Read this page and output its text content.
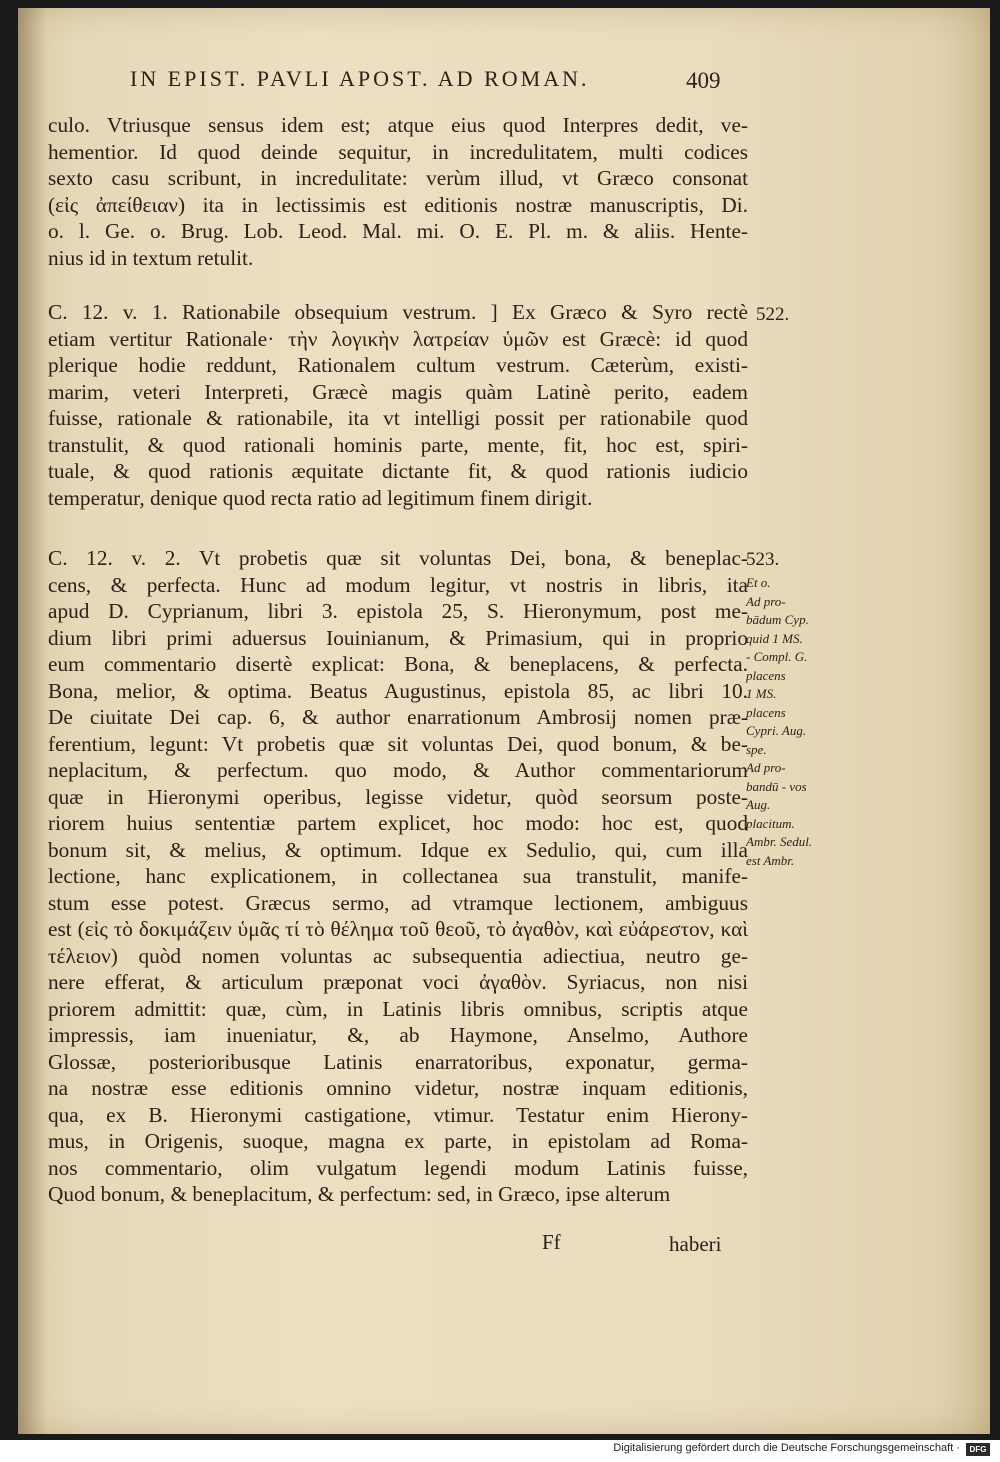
IN EPIST. PAVLI APOST. AD ROMAN.	409
culo. Vtriusque sensus idem est; atque eius quod Interpres dedit, ve-
hementior. Id quod deinde sequitur, in incredulitatem, multi codices
sexto casu scribunt, in incredulitate: verùm illud, vt Græco consonat
(εἰς ἀπείθειαν) ita in lectissimis est editionis nostræ manuscriptis, Di.
o. l. Ge. o. Brug. Lob. Leod. Mal. mi. O. E. Pl. m. & aliis. Hente-
nius id in textum retulit.
C. 12. v. 1. Rationabile obsequium vestrum. ] Ex Græco & Syro rectè
etiam vertitur Rationale· τὴν λογικὴν λατρείαν ὑμῶν est Græcè: id quod
plerique hodie reddunt, Rationalem cultum vestrum. Cæterùm, existi-
marim, veteri Interpreti, Græcè magis quàm Latinè perito, eadem
fuisse, rationale & rationabile, ita vt intelligi possit per rationabile quod
transtulit, & quod rationali hominis parte, mente, fit, hoc est, spiri-
tuale, & quod rationis æquitate dictante fit, & quod rationis iudicio
temperatur, denique quod recta ratio ad legitimum finem dirigit.
C. 12. v. 2. Vt probetis quæ sit voluntas Dei, bona, & beneplac-
cens, & perfecta. Hunc ad modum legitur, vt nostris in libris, ita
apud D. Cyprianum, libri 3. epistola 25, S. Hieronymum, post me-
dium libri primi aduersus Iouinianum, & Primasium, qui in proprio
eum commentario disertè explicat: Bona, & beneplacens, & perfecta.
Bona, melior, & optima. Beatus Augustinus, epistola 85, ac libri 10.
De ciuitate Dei cap. 6, & author enarrationum Ambrosij nomen præ-
ferentium, legunt: Vt probetis quæ sit voluntas Dei, quod bonum, & be-
neplacitum, & perfectum. quo modo, & Author commentariorum
quæ in Hieronymi operibus, legisse videtur, quòd seorsum poste-
riorem huius sententiæ partem explicet, hoc modo: hoc est, quod
bonum sit, & melius, & optimum. Idque ex Sedulio, qui, cum illa
lectione, hanc explicationem, in collectanea sua transtulit, manife-
stum esse potest. Græcus sermo, ad vtramque lectionem, ambiguus
est (εἰς τὸ δοκιμάζειν ὑμᾶς τί τὸ θέλημα τοῦ θεοῦ, τὸ ἀγαθὸν, καὶ εὐάρεστον, καὶ
τέλειον) quòd nomen voluntas ac subsequentia adiectiua, neutro ge-
nere efferat, & articulum præponat voci ἀγαθὸν. Syriacus, non nisi
priorem admittit: quæ, cùm, in Latinis libris omnibus, scriptis atque
impressis, iam inueniatur, &, ab Haymone, Anselmo, Authore
Glossæ, posterioribusque Latinis enarratoribus, exponatur, germa-
na nostræ esse editionis omnino videtur, nostræ inquam editionis,
qua, ex B. Hieronymi castigatione, vtimur. Testatur enim Hierony-
mus, in Origenis, suoque, magna ex parte, in epistolam ad Roma-
nos commentario, olim vulgatum legendi modum Latinis fuisse,
Quod bonum, & beneplacitum, & perfectum: sed, in Græco, ipse alterum
522.
523.
Et o.
Ad pro-
bādum Cyp.
quid 1 MS.
- Compl. G.
placens
1 MS.
placens
Cypri. Aug.
spe.
Ad pro-
bandū - vos
Aug.
placitum.
Ambr. Sedul.
est Ambr.
Ff	haberi
Digitalisierung gefördert durch die Deutsche Forschungsgemeinschaft ·	DFG
